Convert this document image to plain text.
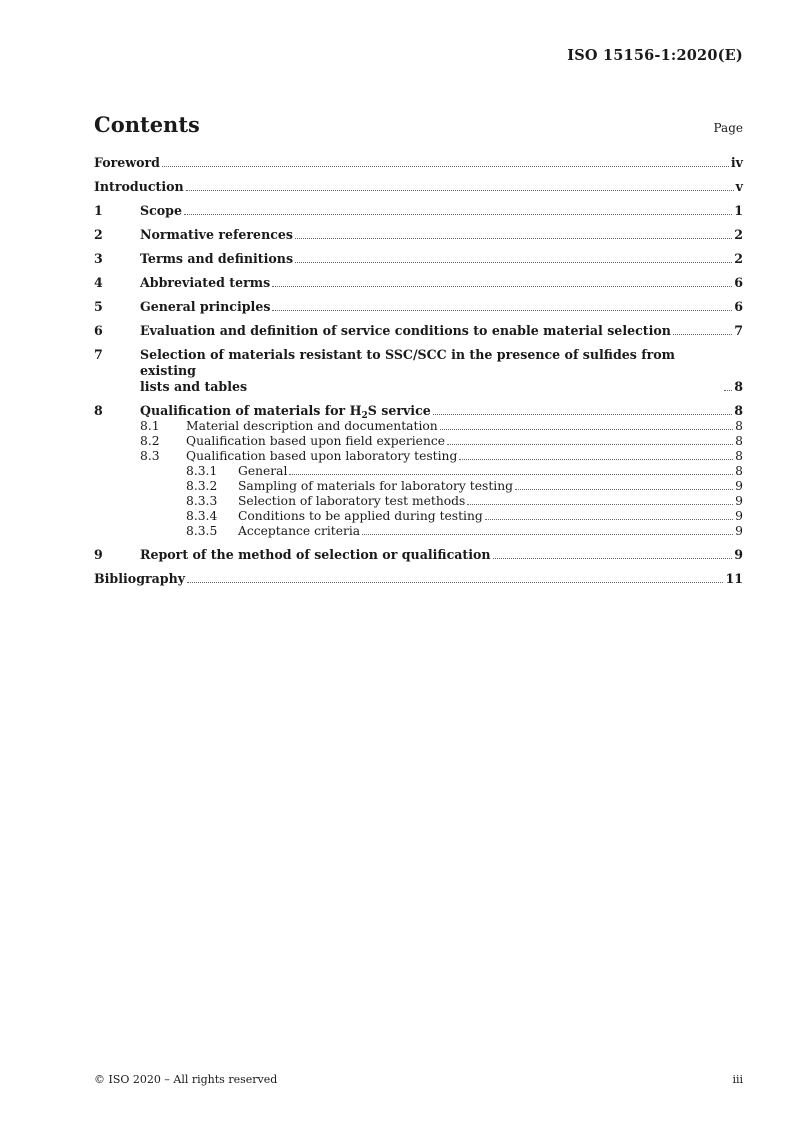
ISO 15156-1:2020(E)
Contents	Page
Foreword	iv
Introduction	v
1	Scope	1
2	Normative references	2
3	Terms and definitions	2
4	Abbreviated terms	6
5	General principles	6
6	Evaluation and definition of service conditions to enable material selection	7
7	Selection of materials resistant to SSC/SCC in the presence of sulfides from existing
lists and tables	8
8	Qualification of materials for $H_2S$ service	8
8.1	Material description and documentation	8
8.2	Qualification based upon field experience	8
8.3	Qualification based upon laboratory testing	8
8.3.1	General	8
8.3.2	Sampling of materials for laboratory testing	9
8.3.3	Selection of laboratory test methods	9
8.3.4	Conditions to be applied during testing	9
8.3.5	Acceptance criteria	9
9	Report of the method of selection or qualification	9
Bibliography	11
© ISO 2020 – All rights reserved	iii
